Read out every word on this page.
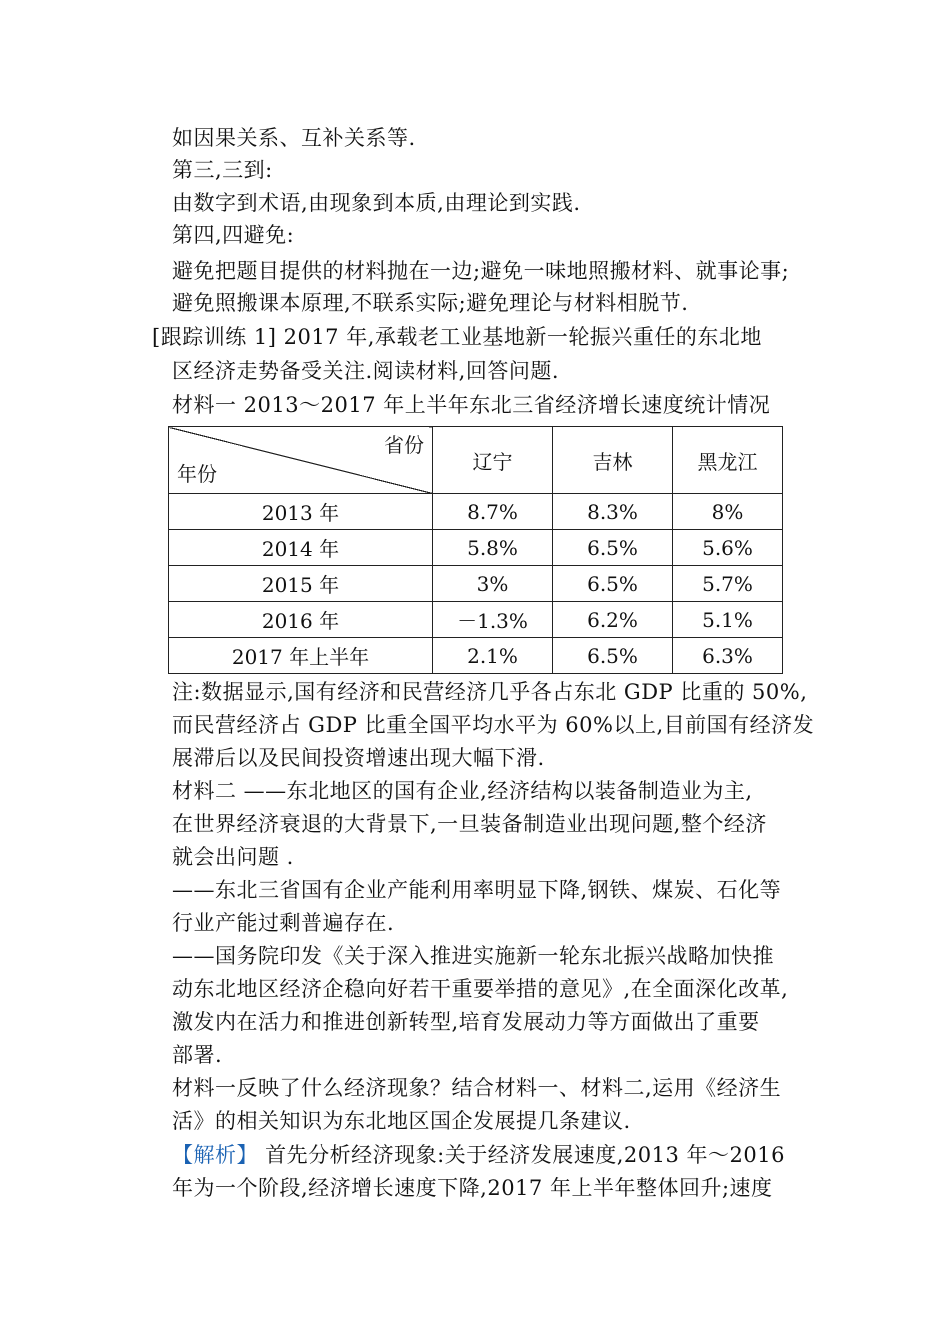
如因果关系、互补关系等.
第三,三到:
由数字到术语,由现象到本质,由理论到实践.
第四,四避免:
避免把题目提供的材料抛在一边;避免一味地照搬材料、就事论事;
避免照搬课本原理,不联系实际;避免理论与材料相脱节.
[跟踪训练 1] 2017 年,承载老工业基地新一轮振兴重任的东北地
区经济走势备受关注.阅读材料,回答问题.
材料一 2013～2017 年上半年东北三省经济增长速度统计情况
省份
年份	辽宁	吉林	黑龙江
2013 年	8.7%	8.3%	8%
2014 年	5.8%	6.5%	5.6%
2015 年	3%	6.5%	5.7%
2016 年	－1.3%	6.2%	5.1%
2017 年上半年	2.1%	6.5%	6.3%
注:数据显示,国有经济和民营经济几乎各占东北 GDP 比重的 50%,
而民营经济占 GDP 比重全国平均水平为 60%以上,目前国有经济发
展滞后以及民间投资增速出现大幅下滑.
材料二 ——东北地区的国有企业,经济结构以装备制造业为主,
在世界经济衰退的大背景下,一旦装备制造业出现问题,整个经济
就会出问题 .
——东北三省国有企业产能利用率明显下降,钢铁、煤炭、石化等
行业产能过剩普遍存在.
——国务院印发《关于深入推进实施新一轮东北振兴战略加快推
动东北地区经济企稳向好若干重要举措的意见》,在全面深化改革,
激发内在活力和推进创新转型,培育发展动力等方面做出了重要
部署.
材料一反映了什么经济现象？结合材料一、材料二,运用《经济生
活》的相关知识为东北地区国企发展提几条建议.
【解析】 首先分析经济现象:关于经济发展速度,2013 年～2016
年为一个阶段,经济增长速度下降,2017 年上半年整体回升;速度
